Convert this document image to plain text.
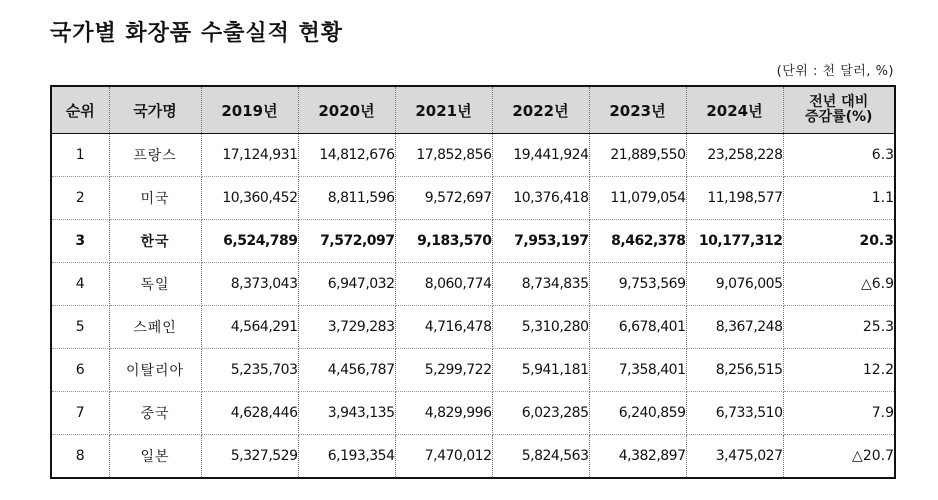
국가별 화장품 수출실적 현황
(단위 : 천 달러, %)
순위	국가명	2019년	2020년	2021년	2022년	2023년	2024년	전년 대비
증감률(%)
1	프랑스	17,124,931	14,812,676	17,852,856	19,441,924	21,889,550	23,258,228	6.3
2	미국	10,360,452	8,811,596	9,572,697	10,376,418	11,079,054	11,198,577	1.1
3	한국	6,524,789	7,572,097	9,183,570	7,953,197	8,462,378	10,177,312	20.3
4	독일	8,373,043	6,947,032	8,060,774	8,734,835	9,753,569	9,076,005	△6.9
5	스페인	4,564,291	3,729,283	4,716,478	5,310,280	6,678,401	8,367,248	25.3
6	이탈리아	5,235,703	4,456,787	5,299,722	5,941,181	7,358,401	8,256,515	12.2
7	중국	4,628,446	3,943,135	4,829,996	6,023,285	6,240,859	6,733,510	7.9
8	일본	5,327,529	6,193,354	7,470,012	5,824,563	4,382,897	3,475,027	△20.7
